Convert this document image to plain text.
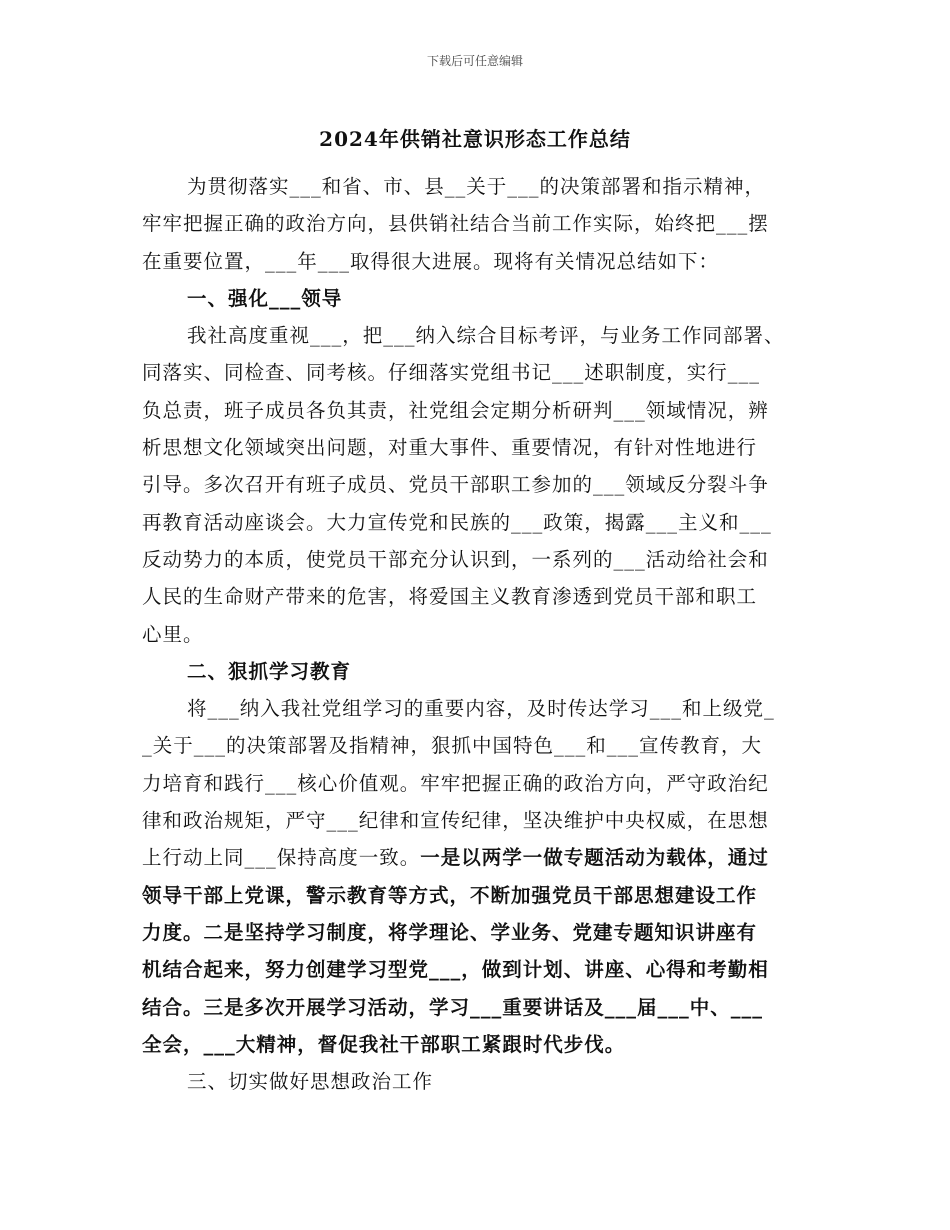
下载后可任意编辑
2024年供销社意识形态工作总结
为贯彻落实___和省、市、县__关于___的决策部署和指示精神，
牢牢把握正确的政治方向，县供销社结合当前工作实际，始终把___摆
在重要位置，___年___取得很大进展。现将有关情况总结如下：
一、强化___领导
我社高度重视___，把___纳入综合目标考评，与业务工作同部署、
同落实、同检查、同考核。仔细落实党组书记___述职制度，实行___
负总责，班子成员各负其责，社党组会定期分析研判___领域情况，辨
析思想文化领域突出问题，对重大事件、重要情况，有针对性地进行
引导。多次召开有班子成员、党员干部职工参加的___领域反分裂斗争
再教育活动座谈会。大力宣传党和民族的___政策，揭露___主义和___
反动势力的本质，使党员干部充分认识到，一系列的___活动给社会和
人民的生命财产带来的危害，将爱国主义教育渗透到党员干部和职工
心里。
二、狠抓学习教育
将___纳入我社党组学习的重要内容，及时传达学习___和上级党_
_关于___的决策部署及指精神，狠抓中国特色___和___宣传教育，大
力培育和践行___核心价值观。牢牢把握正确的政治方向，严守政治纪
律和政治规矩，严守___纪律和宣传纪律，坚决维护中央权威，在思想
上行动上同___保持高度一致。一是以两学一做专题活动为载体，通过
领导干部上党课，警示教育等方式，不断加强党员干部思想建设工作
力度。二是坚持学习制度，将学理论、学业务、党建专题知识讲座有
机结合起来，努力创建学习型党___，做到计划、讲座、心得和考勤相
结合。三是多次开展学习活动，学习___重要讲话及___届___中、___
全会，___大精神，督促我社干部职工紧跟时代步伐。
三、切实做好思想政治工作
